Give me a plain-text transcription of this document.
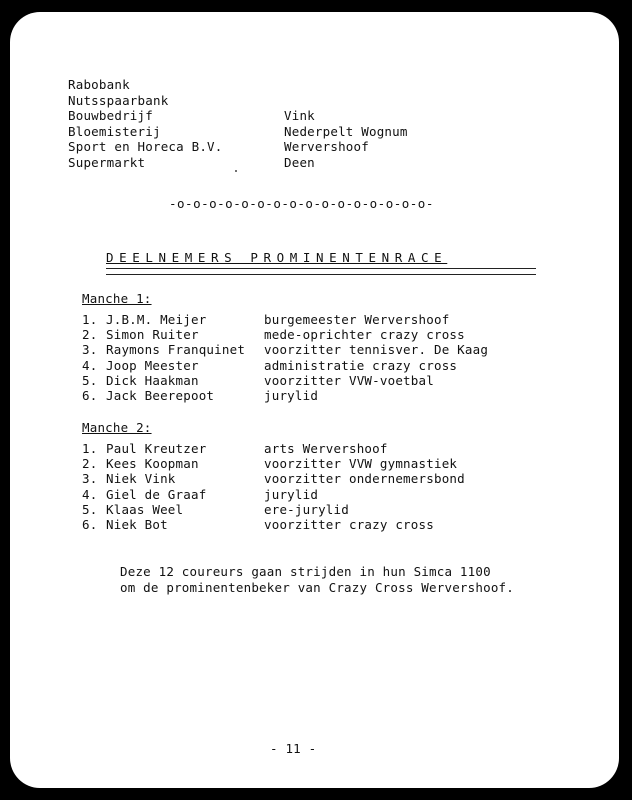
Rabobank
Nutsspaarbank
Bouwbedrijf	Vink
Bloemisterij	Nederpelt Wognum
Sport en Horeca B.V.	Wervershoof
Supermarkt	Deen
-o-o-o-o-o-o-o-o-o-o-o-o-o-o-o-o-
DEELNEMERS PROMINENTENRACE
Manche 1:
1. J.B.M. Meijer	burgemeester Wervershoof
2. Simon Ruiter	mede-oprichter crazy cross
3. Raymons Franquinet voorzitter tennisver. De Kaag
4. Joop Meester	administratie crazy cross
5. Dick Haakman	voorzitter VVW-voetbal
6. Jack Beerepoot	jurylid
Manche 2:
1. Paul Kreutzer	arts Wervershoof
2. Kees Koopman	voorzitter VVW gymnastiek
3. Niek Vink	voorzitter ondernemersbond
4. Giel de Graaf	jurylid
5. Klaas Weel	ere-jurylid
6. Niek Bot	voorzitter crazy cross
Deze 12 coureurs gaan strijden in hun Simca 1100
om de prominentenbeker van Crazy Cross Wervershoof.
- 11 -
